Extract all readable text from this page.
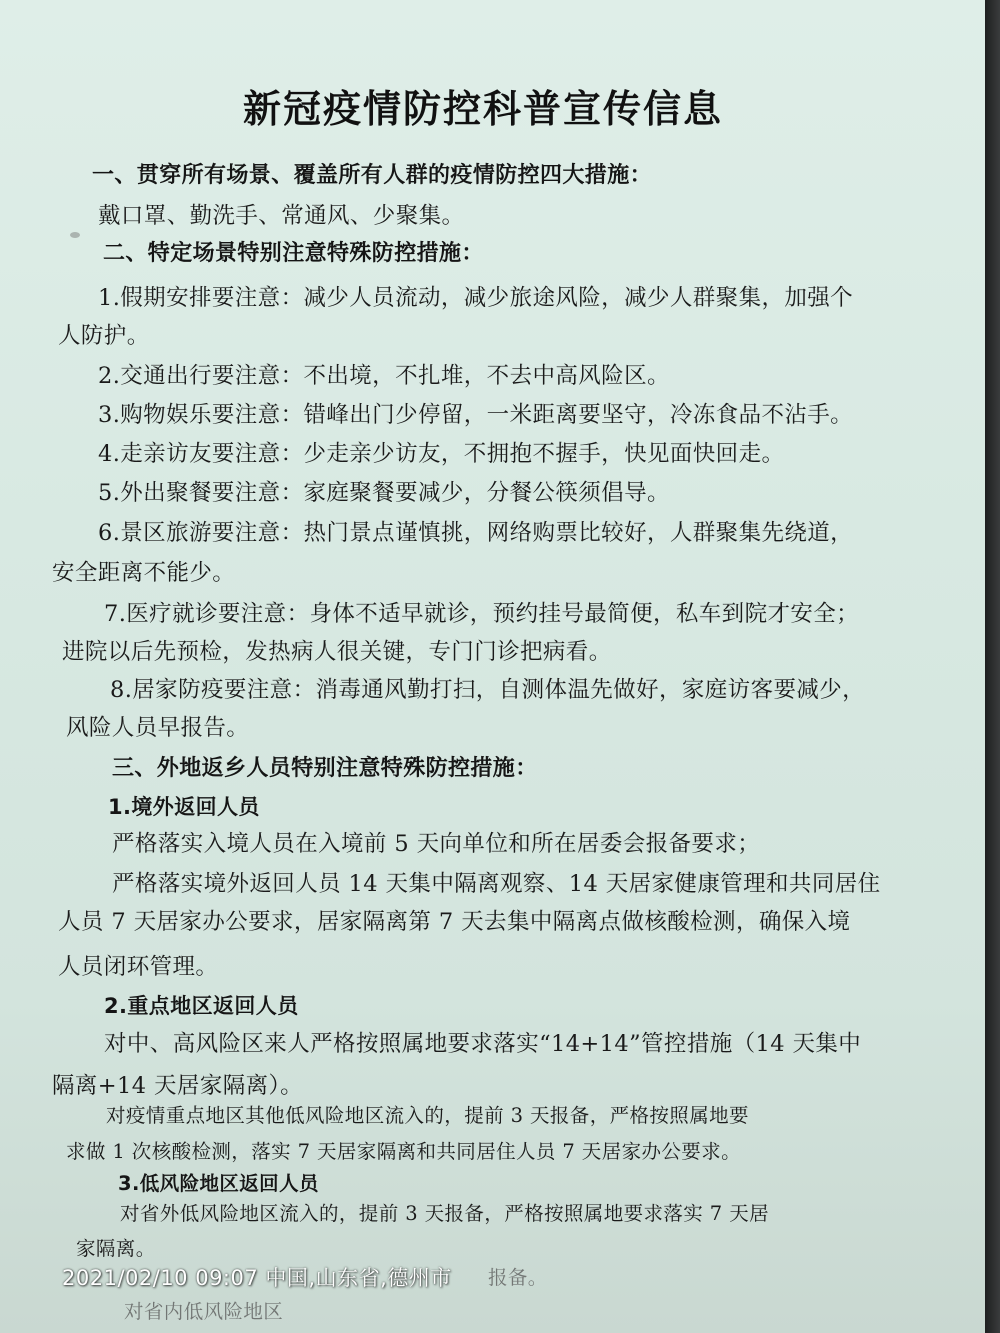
新冠疫情防控科普宣传信息
一、贯穿所有场景、覆盖所有人群的疫情防控四大措施：
戴口罩、勤洗手、常通风、少聚集。
二、特定场景特别注意特殊防控措施：
1.假期安排要注意：减少人员流动，减少旅途风险，减少人群聚集，加强个
人防护。
2.交通出行要注意：不出境，不扎堆，不去中高风险区。
3.购物娱乐要注意：错峰出门少停留，一米距离要坚守，冷冻食品不沾手。
4.走亲访友要注意：少走亲少访友，不拥抱不握手，快见面快回走。
5.外出聚餐要注意：家庭聚餐要减少，分餐公筷须倡导。
6.景区旅游要注意：热门景点谨慎挑，网络购票比较好，人群聚集先绕道，
安全距离不能少。
7.医疗就诊要注意：身体不适早就诊，预约挂号最简便，私车到院才安全；
进院以后先预检，发热病人很关键，专门门诊把病看。
8.居家防疫要注意：消毒通风勤打扫，自测体温先做好，家庭访客要减少，
风险人员早报告。
三、外地返乡人员特别注意特殊防控措施：
1.境外返回人员
严格落实入境人员在入境前 5 天向单位和所在居委会报备要求；
严格落实境外返回人员 14 天集中隔离观察、14 天居家健康管理和共同居住
人员 7 天居家办公要求，居家隔离第 7 天去集中隔离点做核酸检测，确保入境
人员闭环管理。
2.重点地区返回人员
对中、高风险区来人严格按照属地要求落实“14+14”管控措施（14 天集中
隔离+14 天居家隔离）。
对疫情重点地区其他低风险地区流入的，提前 3 天报备，严格按照属地要
求做 1 次核酸检测，落实 7 天居家隔离和共同居住人员 7 天居家办公要求。
3.低风险地区返回人员
对省外低风险地区流入的，提前 3 天报备，严格按照属地要求落实 7 天居
家隔离。
对省内低风险地区
报备。
2021/02/10 09:07 中国,山东省,德州市
